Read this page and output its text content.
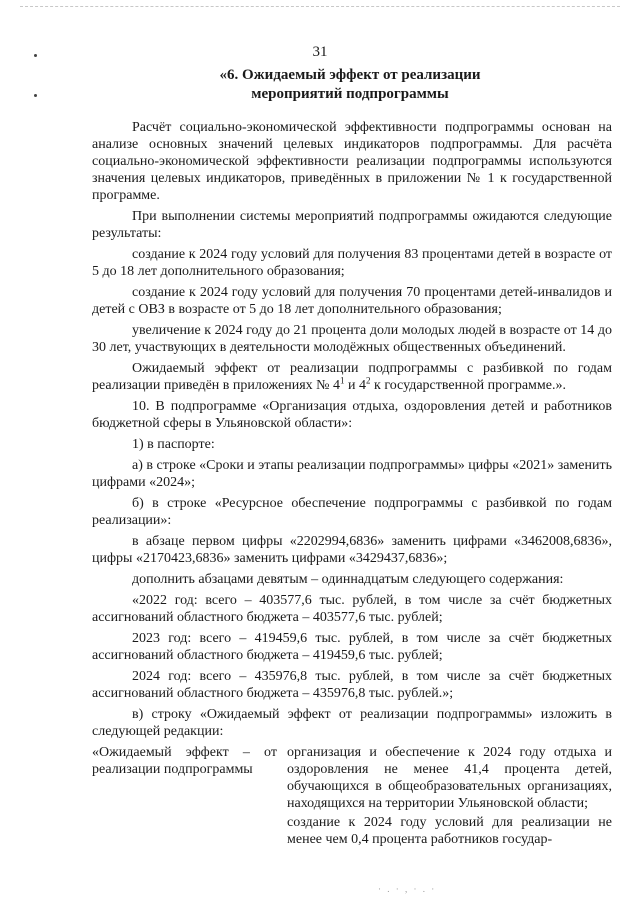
31
«6. Ожидаемый эффект от реализации
мероприятий подпрограммы

Расчёт социально-экономической эффективности подпрограммы основан на анализе основных значений целевых индикаторов подпрограммы. Для расчёта социально-экономической эффективности реализации подпрограммы используются значения целевых индикаторов, приведённых в приложении № 1 к государственной программе.

При выполнении системы мероприятий подпрограммы ожидаются следующие результаты:

создание к 2024 году условий для получения 83 процентами детей в возрасте от 5 до 18 лет дополнительного образования;

создание к 2024 году условий для получения 70 процентами детей-инвалидов и детей с ОВЗ в возрасте от 5 до 18 лет дополнительного образования;

увеличение к 2024 году до 21 процента доли молодых людей в возрасте от 14 до 30 лет, участвующих в деятельности молодёжных общественных объединений.

Ожидаемый эффект от реализации подпрограммы с разбивкой по годам реализации приведён в приложениях № $4^1$ и $4^2$ к государственной программе.».

10. В подпрограмме «Организация отдыха, оздоровления детей и работников бюджетной сферы в Ульяновской области»:

1) в паспорте:

а) в строке «Сроки и этапы реализации подпрограммы» цифры «2021» заменить цифрами «2024»;

б) в строке «Ресурсное обеспечение подпрограммы с разбивкой по годам реализации»:

в абзаце первом цифры «2202994,6836» заменить цифрами «3462008,6836», цифры «2170423,6836» заменить цифрами «3429437,6836»;

дополнить абзацами девятым – одиннадцатым следующего содержания:

«2022 год: всего – 403577,6 тыс. рублей, в том числе за счёт бюджетных ассигнований областного бюджета – 403577,6 тыс. рублей;

2023 год: всего – 419459,6 тыс. рублей, в том числе за счёт бюджетных ассигнований областного бюджета – 419459,6 тыс. рублей;

2024 год: всего – 435976,8 тыс. рублей, в том числе за счёт бюджетных ассигнований областного бюджета – 435976,8 тыс. рублей.»;

в) строку «Ожидаемый эффект от реализации подпрограммы» изложить в следующей редакции:

«Ожидаемый эффект – от реализации подпрограммы

организация и обеспечение к 2024 году отдыха и оздоровления не менее 41,4 процента детей, обучающихся в общеобразовательных организациях, находящихся на территории Ульяновской области;

создание к 2024 году условий для реализации не менее чем 0,4 процента работников государ-

· . · , · . ·
